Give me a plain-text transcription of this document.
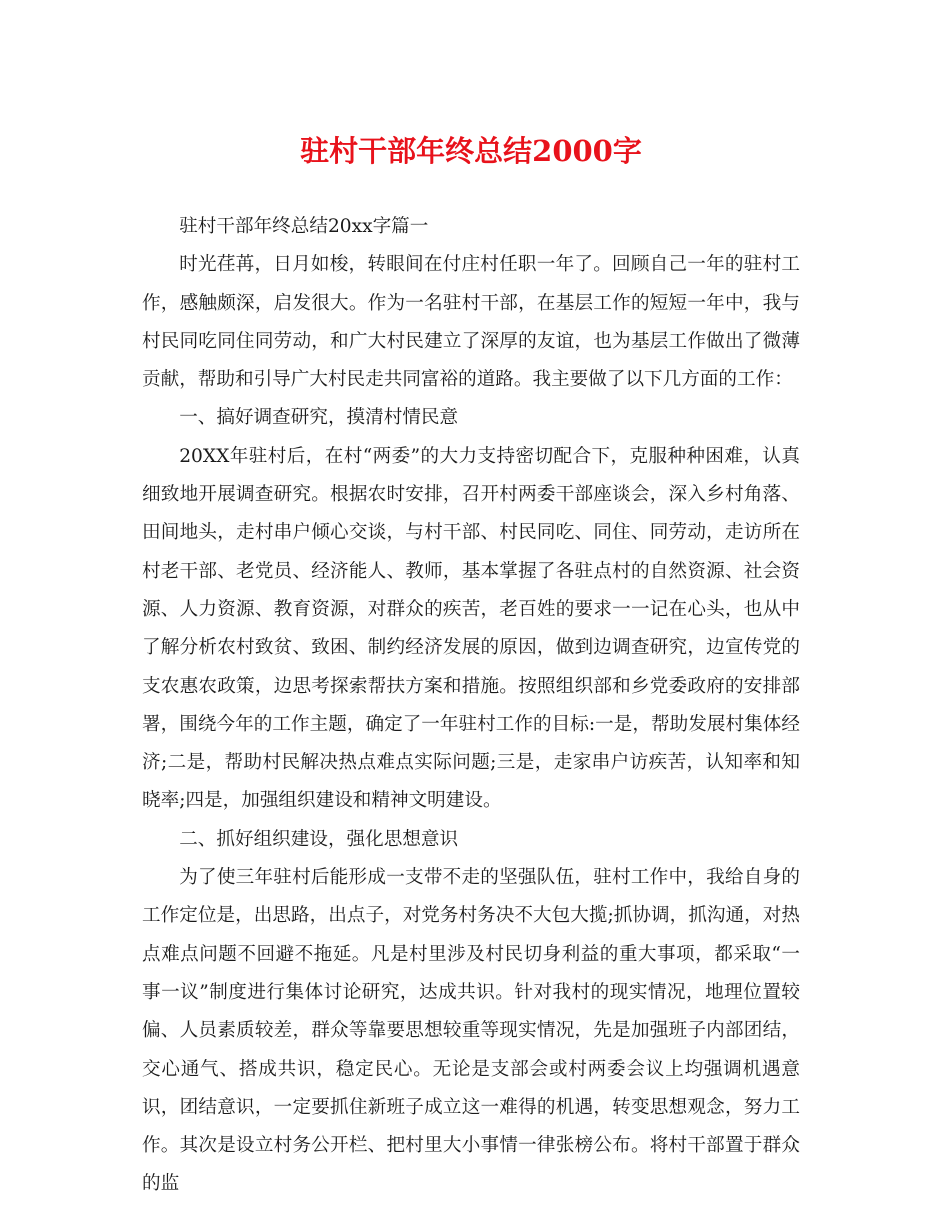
驻村干部年终总结2000字

驻村干部年终总结20xx字篇一

时光荏苒，日月如梭，转眼间在付庄村任职一年了。回顾自己一年的驻村工作，感触颇深，启发很大。作为一名驻村干部，在基层工作的短短一年中，我与村民同吃同住同劳动，和广大村民建立了深厚的友谊，也为基层工作做出了微薄贡献，帮助和引导广大村民走共同富裕的道路。我主要做了以下几方面的工作：

一、搞好调查研究，摸清村情民意

20XX年驻村后，在村“两委”的大力支持密切配合下，克服种种困难，认真细致地开展调查研究。根据农时安排，召开村两委干部座谈会，深入乡村角落、田间地头，走村串户倾心交谈，与村干部、村民同吃、同住、同劳动，走访所在村老干部、老党员、经济能人、教师，基本掌握了各驻点村的自然资源、社会资源、人力资源、教育资源，对群众的疾苦，老百姓的要求一一记在心头，也从中了解分析农村致贫、致困、制约经济发展的原因，做到边调查研究，边宣传党的支农惠农政策，边思考探索帮扶方案和措施。按照组织部和乡党委政府的安排部署，围绕今年的工作主题，确定了一年驻村工作的目标:一是，帮助发展村集体经济;二是，帮助村民解决热点难点实际问题;三是，走家串户访疾苦，认知率和知晓率;四是，加强组织建设和精神文明建设。

二、抓好组织建设，强化思想意识

为了使三年驻村后能形成一支带不走的坚强队伍，驻村工作中，我给自身的工作定位是，出思路，出点子，对党务村务决不大包大揽;抓协调，抓沟通，对热点难点问题不回避不拖延。凡是村里涉及村民切身利益的重大事项，都采取“一事一议”制度进行集体讨论研究，达成共识。针对我村的现实情况，地理位置较偏、人员素质较差，群众等靠要思想较重等现实情况，先是加强班子内部团结，交心通气、搭成共识，稳定民心。无论是支部会或村两委会议上均强调机遇意识，团结意识，一定要抓住新班子成立这一难得的机遇，转变思想观念，努力工作。其次是设立村务公开栏、把村里大小事情一律张榜公布。将村干部置于群众的监
